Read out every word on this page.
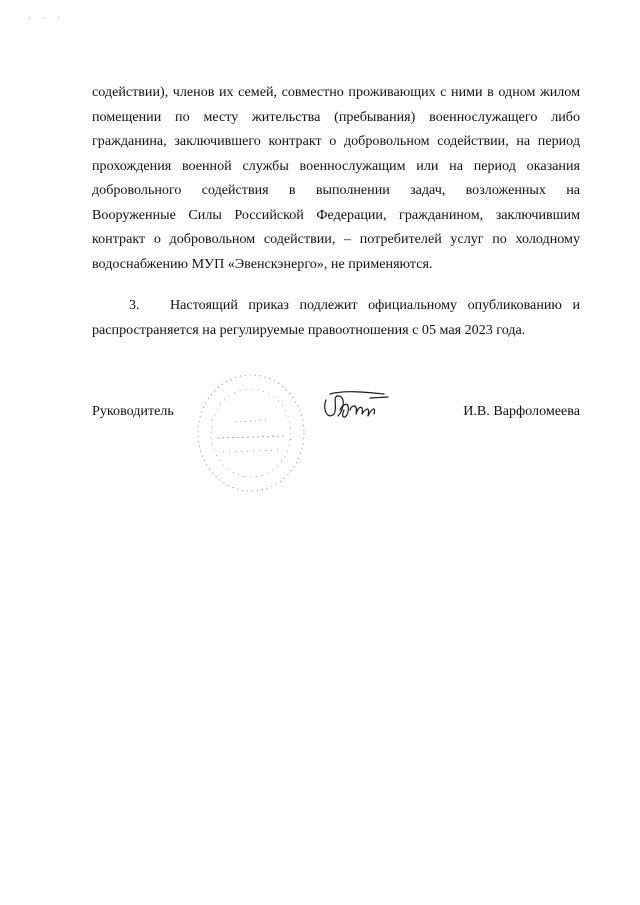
· · ·
содействии), членов их семей, совместно проживающих с ними в одном жилом
помещении по месту жительства (пребывания) военнослужащего либо
гражданина, заключившего контракт о добровольном содействии, на период
прохождения военной службы военнослужащим или на период оказания
добровольного содействия в выполнении задач, возложенных на
Вооруженные Силы Российской Федерации, гражданином, заключившим
контракт о добровольном содействии, – потребителей услуг по холодному
водоснабжению МУП «Эвенскэнерго», не применяются.
3.	Настоящий приказ подлежит официальному опубликованию и
распространяется на регулируемые правоотношения с 05 мая 2023 года.
Руководитель	И.В. Варфоломеева
